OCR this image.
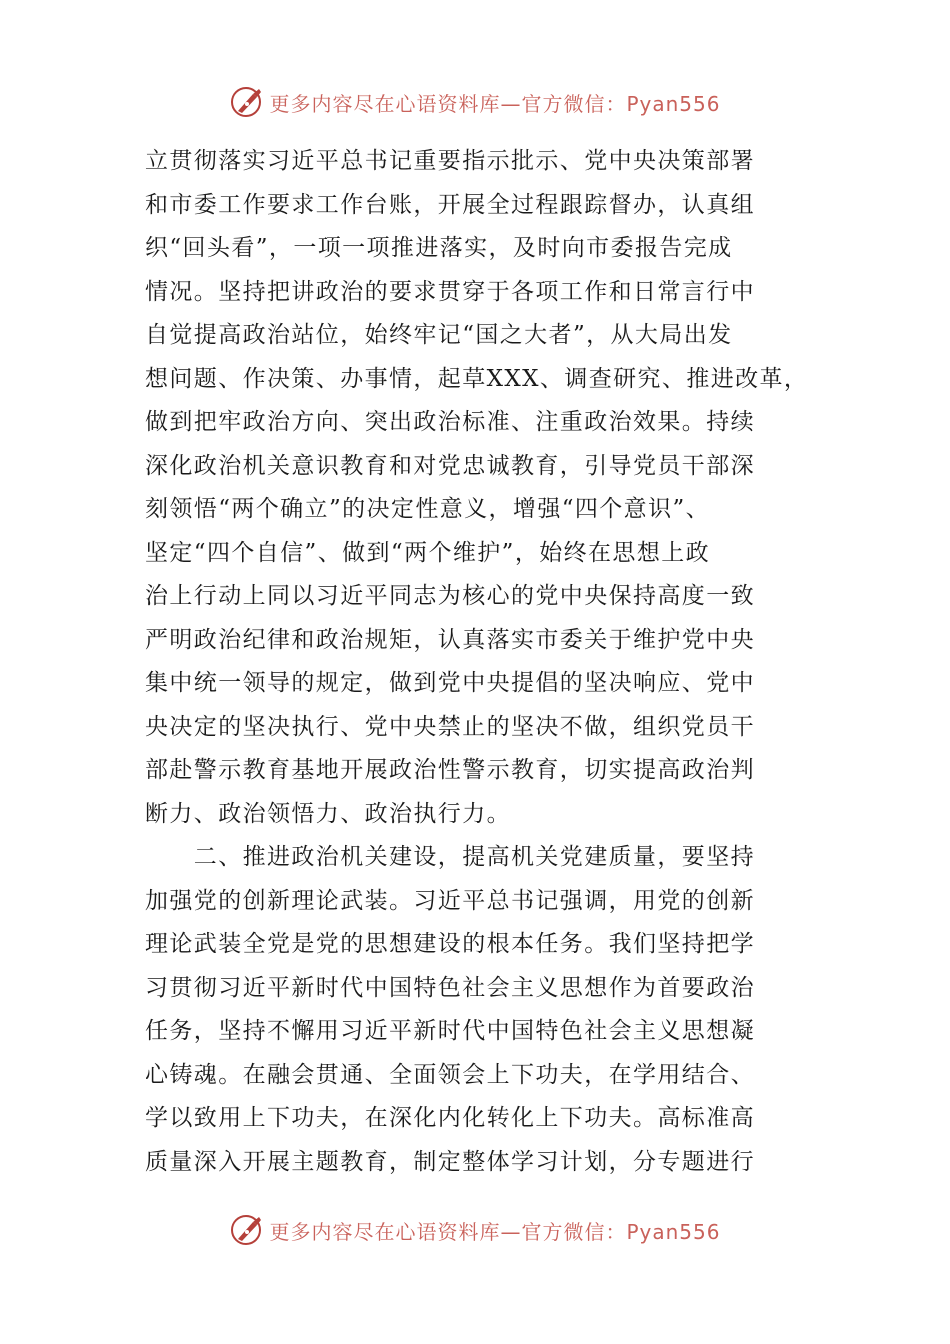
更多内容尽在心语资料库—官方微信：Pyan556
立贯彻落实习近平总书记重要指示批示、党中央决策部署
和市委工作要求工作台账，开展全过程跟踪督办，认真组
织“回头看”，一项一项推进落实，及时向市委报告完成
情况。坚持把讲政治的要求贯穿于各项工作和日常言行中
自觉提高政治站位，始终牢记“国之大者”，从大局出发
想问题、作决策、办事情，起草XXX、调查研究、推进改革，
做到把牢政治方向、突出政治标准、注重政治效果。持续
深化政治机关意识教育和对党忠诚教育，引导党员干部深
刻领悟“两个确立”的决定性意义，增强“四个意识”、
坚定“四个自信”、做到“两个维护”，始终在思想上政
治上行动上同以习近平同志为核心的党中央保持高度一致
严明政治纪律和政治规矩，认真落实市委关于维护党中央
集中统一领导的规定，做到党中央提倡的坚决响应、党中
央决定的坚决执行、党中央禁止的坚决不做，组织党员干
部赴警示教育基地开展政治性警示教育，切实提高政治判
断力、政治领悟力、政治执行力。
　　二、推进政治机关建设，提高机关党建质量，要坚持
加强党的创新理论武装。习近平总书记强调，用党的创新
理论武装全党是党的思想建设的根本任务。我们坚持把学
习贯彻习近平新时代中国特色社会主义思想作为首要政治
任务，坚持不懈用习近平新时代中国特色社会主义思想凝
心铸魂。在融会贯通、全面领会上下功夫，在学用结合、
学以致用上下功夫，在深化内化转化上下功夫。高标准高
质量深入开展主题教育，制定整体学习计划，分专题进行
更多内容尽在心语资料库—官方微信：Pyan556
